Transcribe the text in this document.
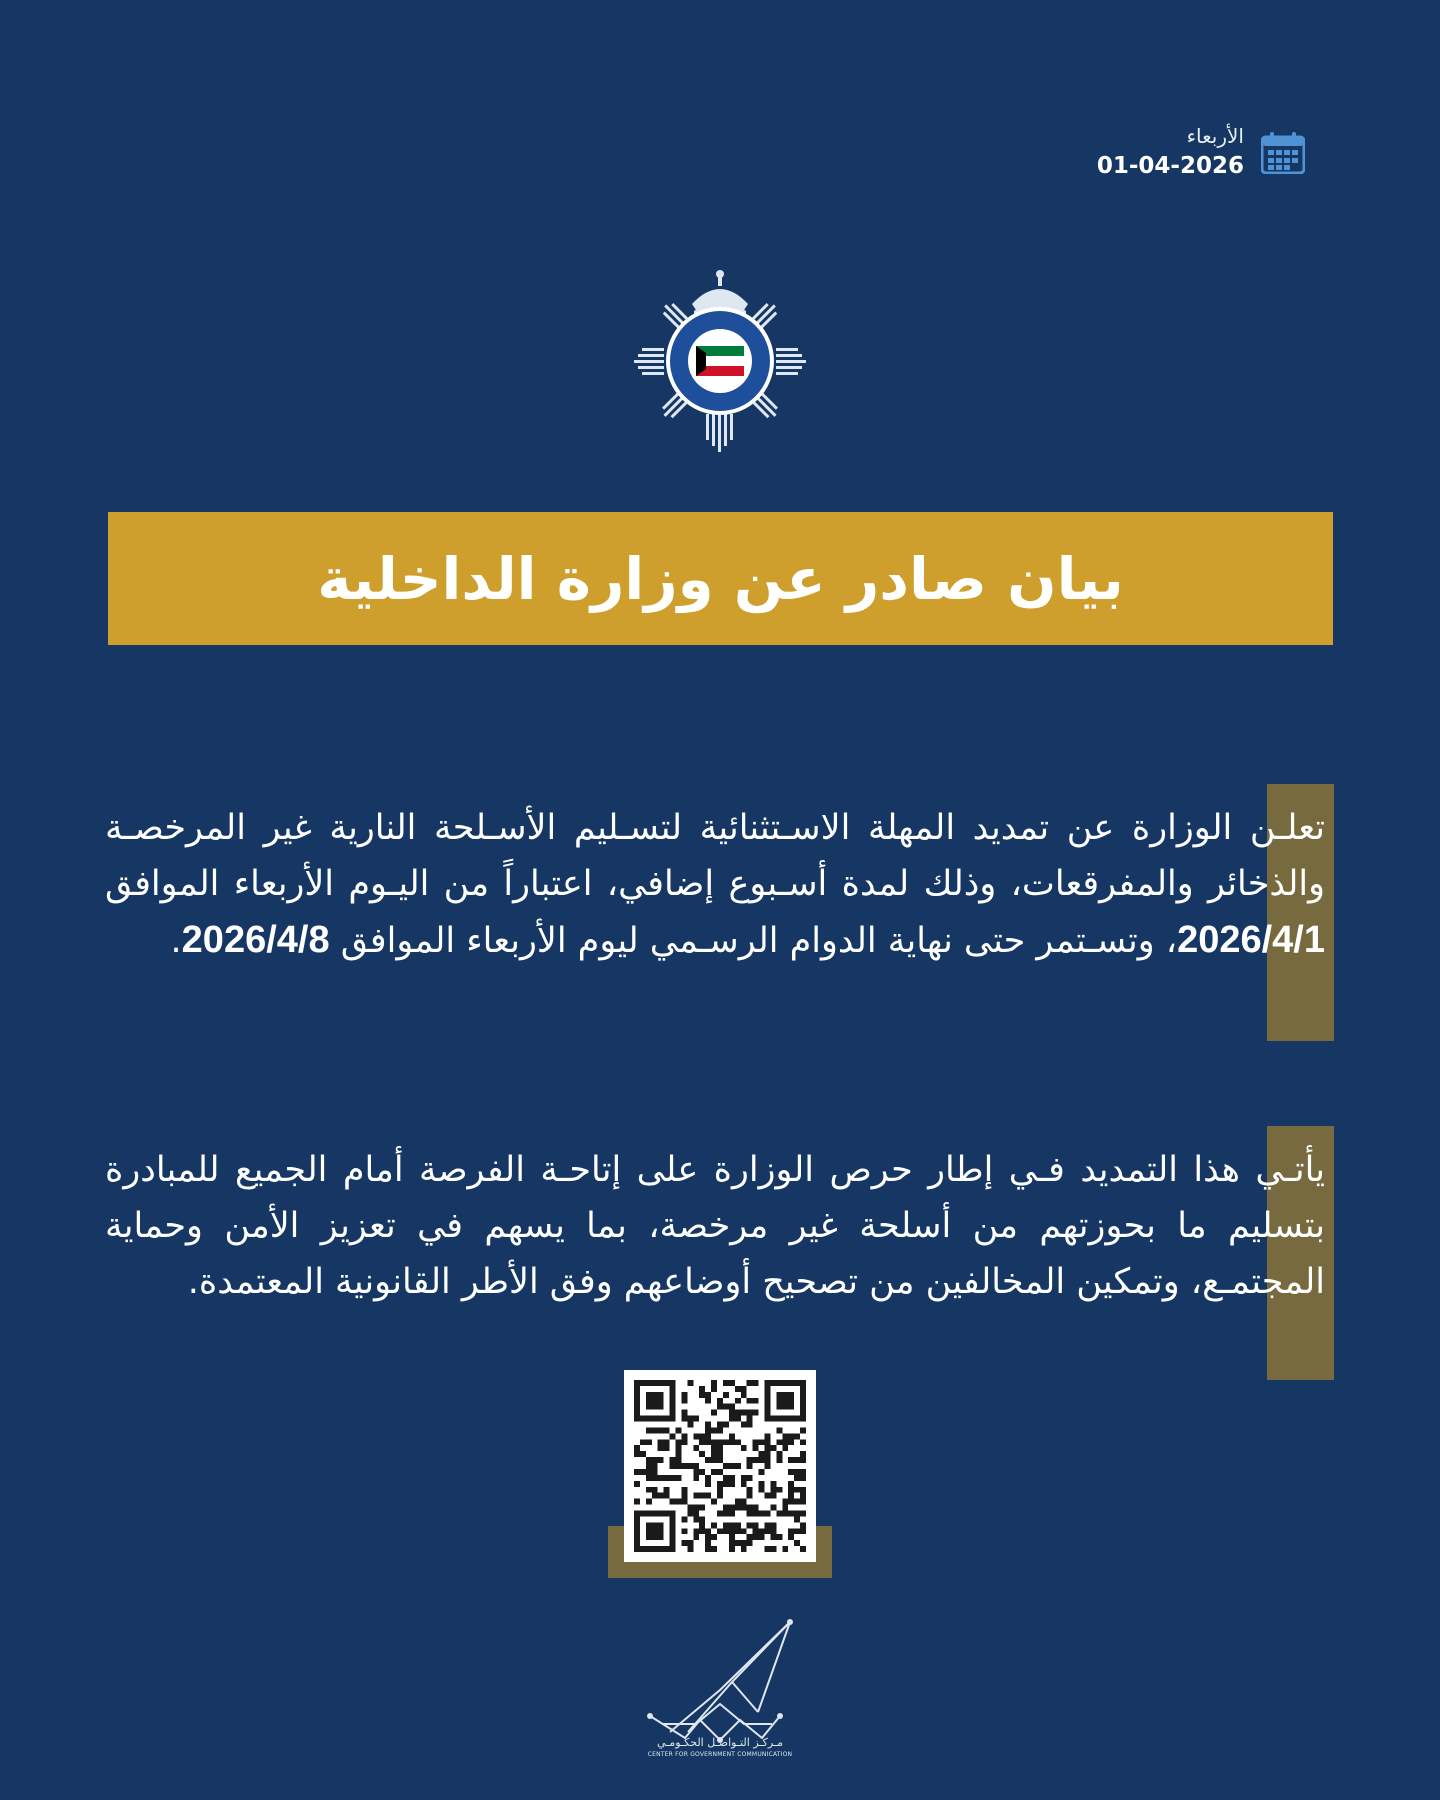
الأربعاء
01-04-2026
بيان صادر عن وزارة الداخلية
تعلـن الوزارة عن تمديد المهلة الاسـتثنائية لتسـليم الأسـلحة النارية غير المرخصـة والذخائر والمفرقعات، وذلك لمدة أسـبوع إضافي، اعتباراً من اليـوم الأربعاء الموافق 2026/4/1، وتسـتمر حتى نهاية الدوام الرسـمي ليوم الأربعاء الموافق 2026/4/8.
يأتـي هذا التمديد فـي إطار حرص الوزارة على إتاحـة الفرصة أمام الجميع للمبادرة بتسليم ما بحوزتهم من أسلحة غير مرخصة، بما يسهم في تعزيز الأمن وحماية المجتمـع، وتمكين المخالفين من تصحيح أوضاعهم وفق الأطر القانونية المعتمدة.
مـركـز التـواصـل الحكـومـي
CENTER FOR GOVERNMENT COMMUNICATION
